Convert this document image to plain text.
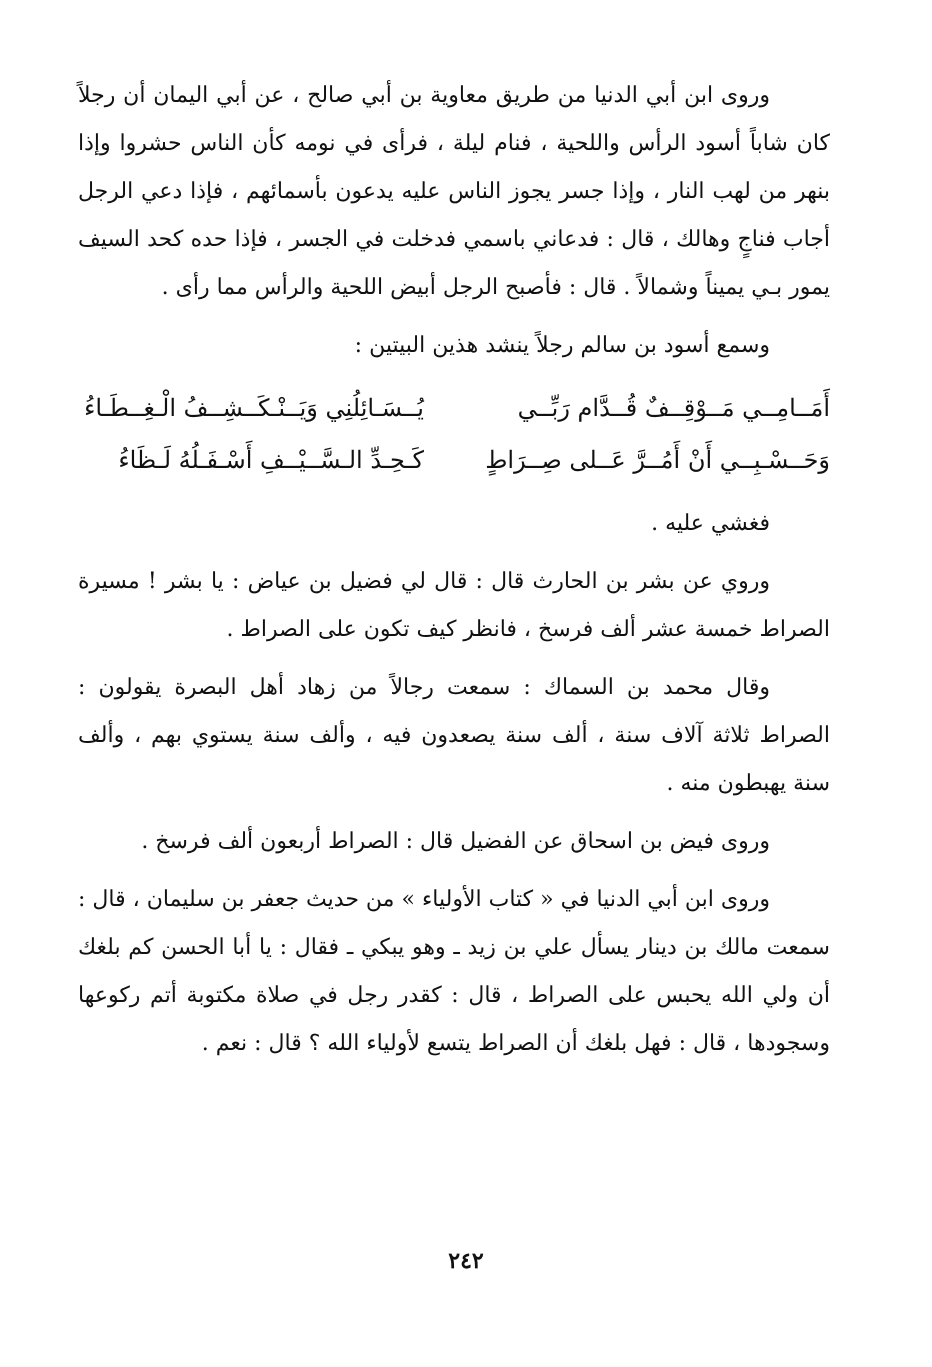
وروى ابن أبي الدنيا من طريق معاوية بن أبي صالح ، عن أبي اليمان أن رجلاً كان شاباً أسود الرأس واللحية ، فنام ليلة ، فرأى في نومه كأن الناس حشروا وإذا بنهر من لهب النار ، وإذا جسر يجوز الناس عليه يدعون بأسمائهم ، فإذا دعي الرجل أجاب فناجٍ وهالك ، قال : فدعاني باسمي فدخلت في الجسر ، فإذا حده كحد السيف يمور بـي يميناً وشمالاً . قال : فأصبح الرجل أبيض اللحية والرأس مما رأى .

وسمع أسود بن سالم رجلاً ينشد هذين البيتين :

أَمَــامِــي مَــوْقِــفٌ قُــدَّام رَبِّــي
يُــسَـائِلُنِي وَيَــنْـكَــشِــفُ الْـغِــطَـاءُ
وَحَــسْـبِــي أَنْ أَمُــرَّ عَــلى صِــرَاطٍ
كَـحِـدِّ الـسَّــيْــفِ أَسْـفَـلُهُ لَـظَاءُ

فغشي عليه .

وروي عن بشر بن الحارث قال : قال لي فضيل بن عياض : يا بشر ! مسيرة الصراط خمسة عشر ألف فرسخ ، فانظر كيف تكون على الصراط .

وقال محمد بن السماك : سمعت رجالاً من زهاد أهل البصرة يقولون : الصراط ثلاثة آلاف سنة ، ألف سنة يصعدون فيه ، وألف سنة يستوي بهم ، وألف سنة يهبطون منه .

وروى فيض بن اسحاق عن الفضيل قال : الصراط أربعون ألف فرسخ .

وروى ابن أبي الدنيا في « كتاب الأولياء » من حديث جعفر بن سليمان ، قال : سمعت مالك بن دينار يسأل علي بن زيد ـ وهو يبكي ـ فقال : يا أبا الحسن كم بلغك أن ولي الله يحبس على الصراط ، قال : كقدر رجل في صلاة مكتوبة أتم ركوعها وسجودها ، قال : فهل بلغك أن الصراط يتسع لأولياء الله ؟ قال : نعم .

٢٤٢
